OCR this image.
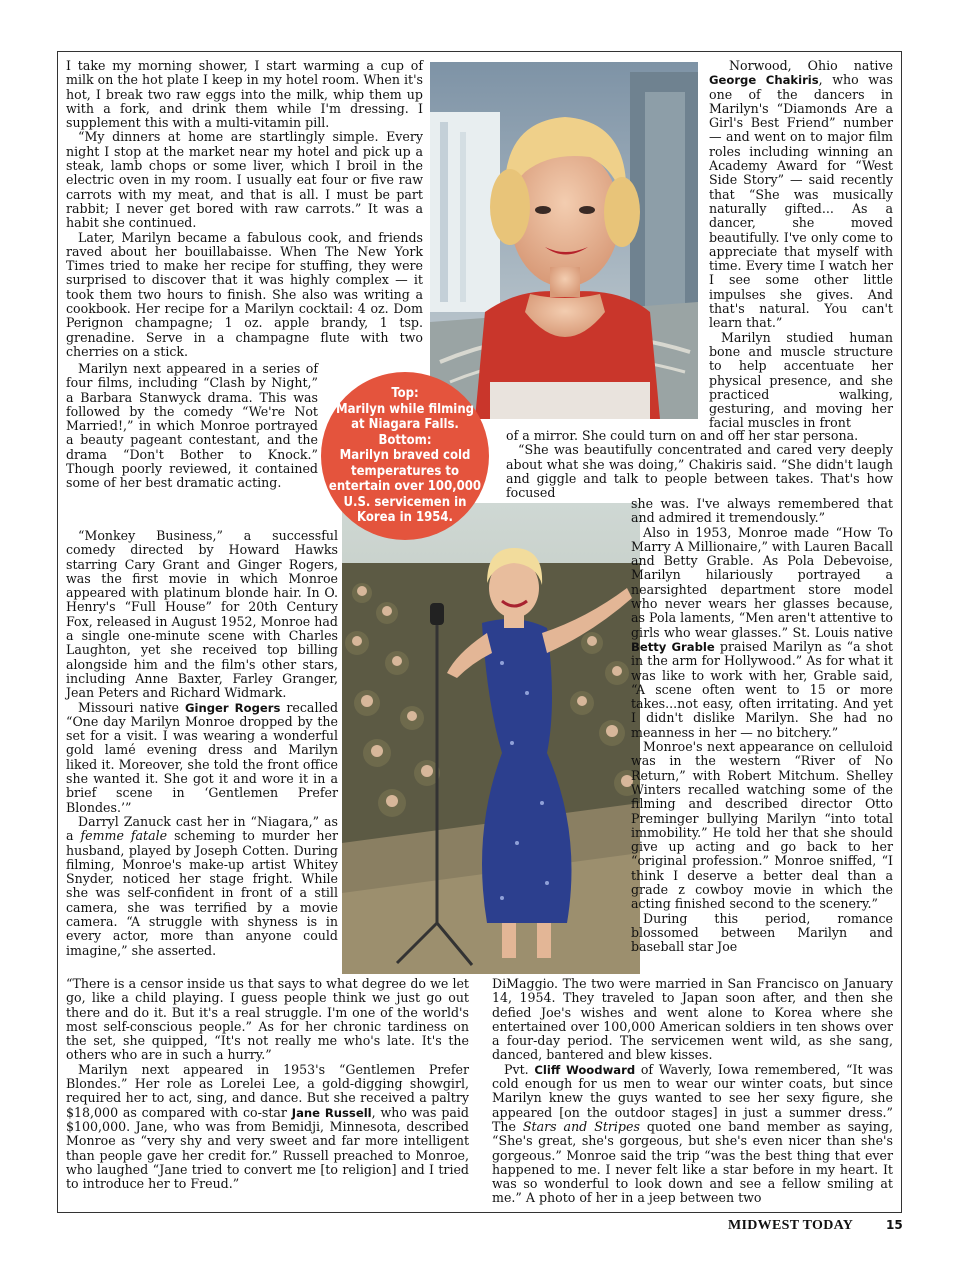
Top:
Marilyn while filming
at Niagara Falls.
Bottom:
Marilyn braved cold
temperatures to
entertain over 100,000
U.S. servicemen in
Korea in 1954.

I take my morning shower, I start warming a cup of milk on the hot plate I keep in my hotel room. When it's hot, I break two raw eggs into the milk, whip them up with a fork, and drink them while I'm dressing. I supplement this with a multi-vitamin pill.

“My dinners at home are startlingly simple. Every night I stop at the market near my hotel and pick up a steak, lamb chops or some liver, which I broil in the electric oven in my room. I usually eat four or five raw carrots with my meat, and that is all. I must be part rabbit; I never get bored with raw carrots.” It was a habit she continued.

Later, Marilyn became a fabulous cook, and friends raved about her bouillabaisse. When The New York Times tried to make her recipe for stuffing, they were surprised to discover that it was highly complex — it took them two hours to finish. She also was writing a cookbook. Her recipe for a Marilyn cocktail: 4 oz. Dom Perignon champagne; 1 oz. apple brandy, 1 tsp. grenadine. Serve in a champagne flute with two cherries on a stick.

Marilyn next appeared in a series of four films, including “Clash by Night,” a Barbara Stanwyck drama. This was followed by the comedy “We're Not Married!,” in which Monroe portrayed a beauty pageant contestant, and the drama “Don't Bother to Knock.” Though poorly reviewed, it contained some of her best dramatic acting.

“Monkey Business,” a successful comedy directed by Howard Hawks starring Cary Grant and Ginger Rogers, was the first movie in which Monroe appeared with platinum blonde hair. In O. Henry's “Full House” for 20th Century Fox, released in August 1952, Monroe had a single one-minute scene with Charles Laughton, yet she received top billing alongside him and the film's other stars, including Anne Baxter, Farley Granger, Jean Peters and Richard Widmark.

Missouri native Ginger Rogers recalled “One day Marilyn Monroe dropped by the set for a visit. I was wearing a wonderful gold lamé evening dress and Marilyn liked it. Moreover, she told the front office she wanted it. She got it and wore it in a brief scene in ‘Gentlemen Prefer Blondes.’”

Darryl Zanuck cast her in “Niagara,” as a femme fatale scheming to murder her husband, played by Joseph Cotten. During filming, Monroe's make-up artist Whitey Snyder, noticed her stage fright. While she was self-confident in front of a still camera, she was terrified by a movie camera. “A struggle with shyness is in every actor, more than anyone could imagine,” she asserted.

“There is a censor inside us that says to what degree do we let go, like a child playing. I guess people think we just go out there and do it. But it's a real struggle. I'm one of the world's most self-conscious people.” As for her chronic tardiness on the set, she quipped, “It's not really me who's late. It's the others who are in such a hurry.”

Marilyn next appeared in 1953's “Gentlemen Prefer Blondes.” Her role as Lorelei Lee, a gold-digging showgirl, required her to act, sing, and dance. But she received a paltry $18,000 as compared with co-star Jane Russell, who was paid $100,000. Jane, who was from Bemidji, Minnesota, described Monroe as “very shy and very sweet and far more intelligent than people gave her credit for.” Russell preached to Monroe, who laughed “Jane tried to convert me [to religion] and I tried to introduce her to Freud.”

Norwood, Ohio native George Chakiris, who was one of the dancers in Marilyn's “Diamonds Are a Girl's Best Friend” number — and went on to major film roles including winning an Academy Award for “West Side Story” — said recently that “She was musically naturally gifted... As a dancer, she moved beautifully. I've only come to appreciate that myself with time. Every time I watch her I see some other little impulses she gives. And that's natural. You can't learn that.”

Marilyn studied human bone and muscle structure to help accentuate her physical presence, and she practiced walking, gesturing, and moving her facial muscles in front

of a mirror. She could turn on and off her star persona.

“She was beautifully concentrated and cared very deeply about what she was doing,” Chakiris said. “She didn't laugh and giggle and talk to people between takes. That's how focused

she was. I've always remembered that and admired it tremendously.”

Also in 1953, Monroe made “How To Marry A Millionaire,” with Lauren Bacall and Betty Grable. As Pola Debevoise, Marilyn hilariously portrayed a nearsighted department store model who never wears her glasses because, as Pola laments, “Men aren't attentive to girls who wear glasses.” St. Louis native Betty Grable praised Marilyn as “a shot in the arm for Hollywood.” As for what it was like to work with her, Grable said, “A scene often went to 15 or more takes...not easy, often irritating. And yet I didn't dislike Marilyn. She had no meanness in her — no bitchery.”

Monroe's next appearance on celluloid was in the western “River of No Return,” with Robert Mitchum. Shelley Winters recalled watching some of the filming and described director Otto Preminger bullying Marilyn “into total immobility.” He told her that she should give up acting and go back to her “original profession.” Monroe sniffed, “I think I deserve a better deal than a grade z cowboy movie in which the acting finished second to the scenery.”

During this period, romance blossomed between Marilyn and baseball star Joe

DiMaggio. The two were married in San Francisco on January 14, 1954. They traveled to Japan soon after, and then she defied Joe's wishes and went alone to Korea where she entertained over 100,000 American soldiers in ten shows over a four-day period. The servicemen went wild, as she sang, danced, bantered and blew kisses.

Pvt. Cliff Woodward of Waverly, Iowa remembered, “It was cold enough for us men to wear our winter coats, but since Marilyn knew the guys wanted to see her sexy figure, she appeared [on the outdoor stages] in just a summer dress.” The Stars and Stripes quoted one band member as saying, “She's great, she's gorgeous, but she's even nicer than she's gorgeous.” Monroe said the trip “was the best thing that ever happened to me. I never felt like a star before in my heart. It was so wonderful to look down and see a fellow smiling at me.” A photo of her in a jeep between two

MIDWEST TODAY	15
